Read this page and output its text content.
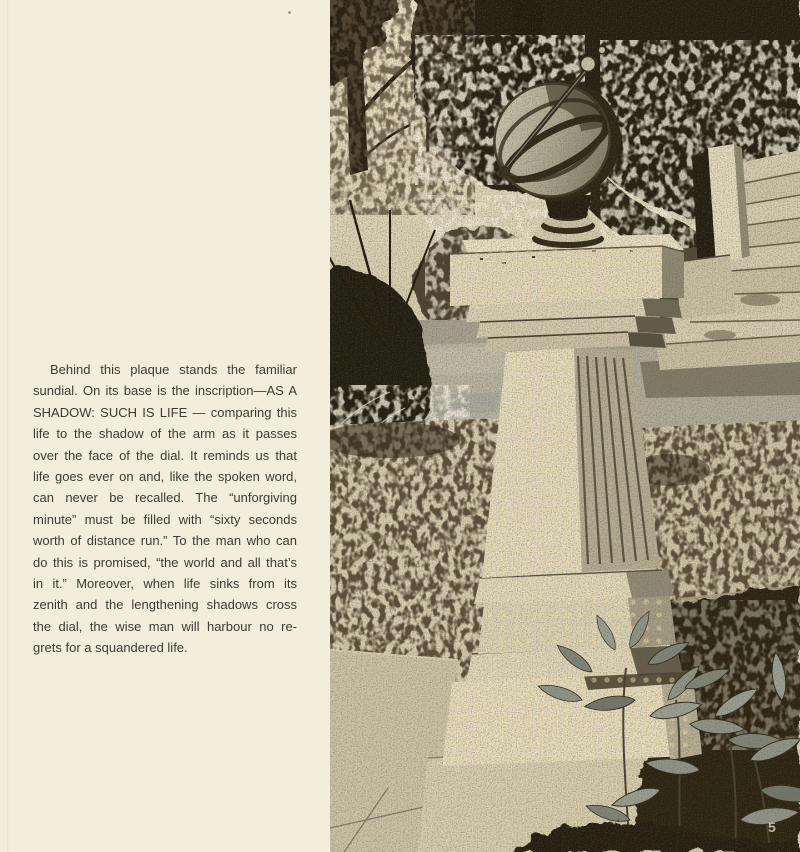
Behind this plaque stands the familiar
sundial. On its base is the inscription—AS A
SHADOW: SUCH IS LIFE — comparing this
life to the shadow of the arm as it passes
over the face of the dial. It reminds us that
life goes ever on and, like the spoken word,
can never be recalled. The “unforgiving
minute” must be filled with “sixty seconds
worth of distance run.” To the man who can
do this is promised, “the world and all that’s
in it.” Moreover, when life sinks from its
zenith and the lengthening shadows cross
the dial, the wise man will harbour no re-
grets for a squandered life.
5
